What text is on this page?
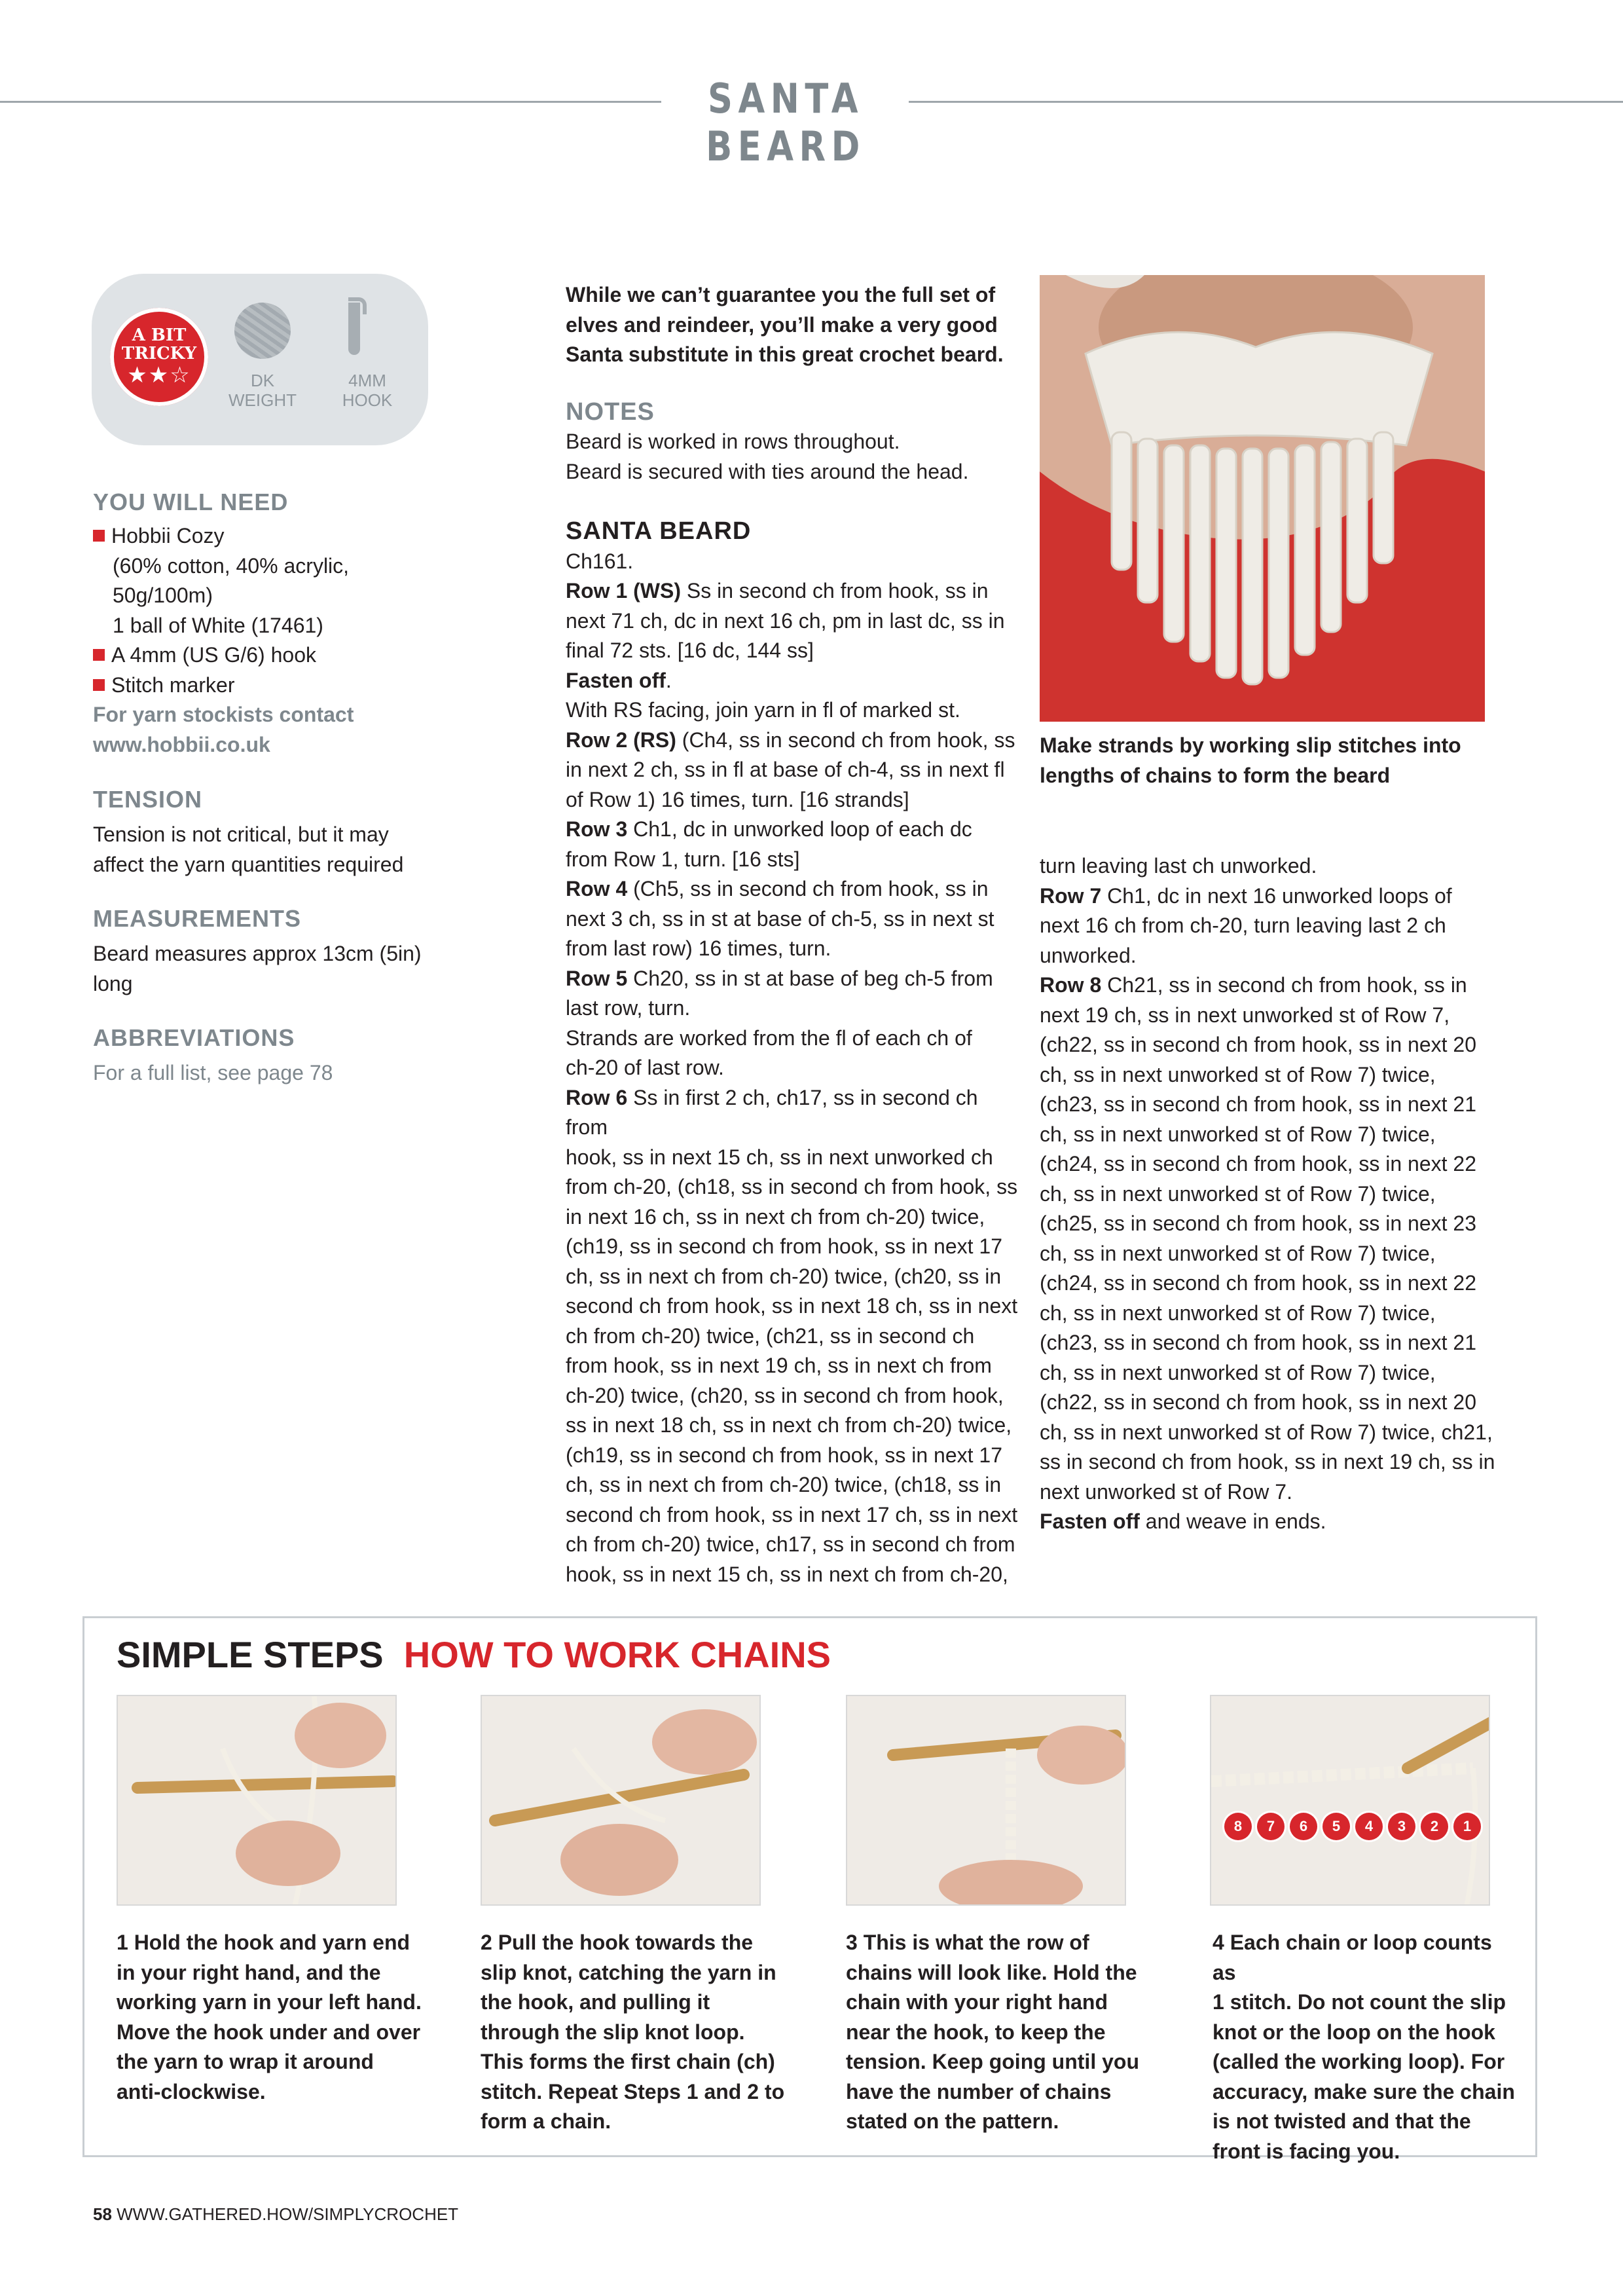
SANTA BEARD
A BIT
TRICKY
★★☆	DK
WEIGHT
4MM
HOOK
YOU WILL NEED
Hobbii Cozy
(60% cotton, 40% acrylic,
50g/100m)
1 ball of White (17461)
A 4mm (US G/6) hook
Stitch marker
For yarn stockists contact
www.hobbii.co.uk
TENSION
Tension is not critical, but it may
affect the yarn quantities required
MEASUREMENTS
Beard measures approx 13cm (5in)
long
ABBREVIATIONS
For a full list, see page 78

While we can’t guarantee you the full set of

elves and reindeer, you’ll make a very good

Santa substitute in this great crochet beard.

NOTES

Beard is worked in rows throughout.

Beard is secured with ties around the head.

SANTA BEARD

Ch161.

Row 1 (WS) Ss in second ch from hook, ss in

next 71 ch, dc in next 16 ch, pm in last dc, ss in

final 72 sts. [16 dc, 144 ss]

Fasten off.

With RS facing, join yarn in fl of marked st.

Row 2 (RS) (Ch4, ss in second ch from hook, ss

in next 2 ch, ss in fl at base of ch-4, ss in next fl

of Row 1) 16 times, turn. [16 strands]

Row 3 Ch1, dc in unworked loop of each dc

from Row 1, turn. [16 sts]

Row 4 (Ch5, ss in second ch from hook, ss in

next 3 ch, ss in st at base of ch-5, ss in next st

from last row) 16 times, turn.

Row 5 Ch20, ss in st at base of beg ch-5 from

last row, turn.

Strands are worked from the fl of each ch of

ch-20 of last row.

Row 6 Ss in first 2 ch, ch17, ss in second ch from

hook, ss in next 15 ch, ss in next unworked ch

from ch-20, (ch18, ss in second ch from hook, ss

in next 16 ch, ss in next ch from ch-20) twice,

(ch19, ss in second ch from hook, ss in next 17

ch, ss in next ch from ch-20) twice, (ch20, ss in

second ch from hook, ss in next 18 ch, ss in next

ch from ch-20) twice, (ch21, ss in second ch

from hook, ss in next 19 ch, ss in next ch from

ch-20) twice, (ch20, ss in second ch from hook,

ss in next 18 ch, ss in next ch from ch-20) twice,

(ch19, ss in second ch from hook, ss in next 17

ch, ss in next ch from ch-20) twice, (ch18, ss in

second ch from hook, ss in next 17 ch, ss in next

ch from ch-20) twice, ch17, ss in second ch from

hook, ss in next 15 ch, ss in next ch from ch-20,

Make strands by working slip stitches into
lengths of chains to form the beard

turn leaving last ch unworked.

Row 7 Ch1, dc in next 16 unworked loops of

next 16 ch from ch-20, turn leaving last 2 ch

unworked.

Row 8 Ch21, ss in second ch from hook, ss in

next 19 ch, ss in next unworked st of Row 7,

(ch22, ss in second ch from hook, ss in next 20

ch, ss in next unworked st of Row 7) twice,

(ch23, ss in second ch from hook, ss in next 21

ch, ss in next unworked st of Row 7) twice,

(ch24, ss in second ch from hook, ss in next 22

ch, ss in next unworked st of Row 7) twice,

(ch25, ss in second ch from hook, ss in next 23

ch, ss in next unworked st of Row 7) twice,

(ch24, ss in second ch from hook, ss in next 22

ch, ss in next unworked st of Row 7) twice,

(ch23, ss in second ch from hook, ss in next 21

ch, ss in next unworked st of Row 7) twice,

(ch22, ss in second ch from hook, ss in next 20

ch, ss in next unworked st of Row 7) twice, ch21,

ss in second ch from hook, ss in next 19 ch, ss in

next unworked st of Row 7.

Fasten off and weave in ends.

SIMPLE STEPS HOW TO WORK CHAINS
8 7 6 5 4 3 2 1
1 Hold the hook and yarn end
in your right hand, and the
working yarn in your left hand.
Move the hook under and over
the yarn to wrap it around
anti-clockwise.
2 Pull the hook towards the
slip knot, catching the yarn in
the hook, and pulling it
through the slip knot loop.
This forms the first chain (ch)
stitch. Repeat Steps 1 and 2 to
form a chain.
3 This is what the row of
chains will look like. Hold the
chain with your right hand
near the hook, to keep the
tension. Keep going until you
have the number of chains
stated on the pattern.
4 Each chain or loop counts as
1 stitch. Do not count the slip
knot or the loop on the hook
(called the working loop). For
accuracy, make sure the chain
is not twisted and that the
front is facing you.
58 WWW.GATHERED.HOW/SIMPLYCROCHET
